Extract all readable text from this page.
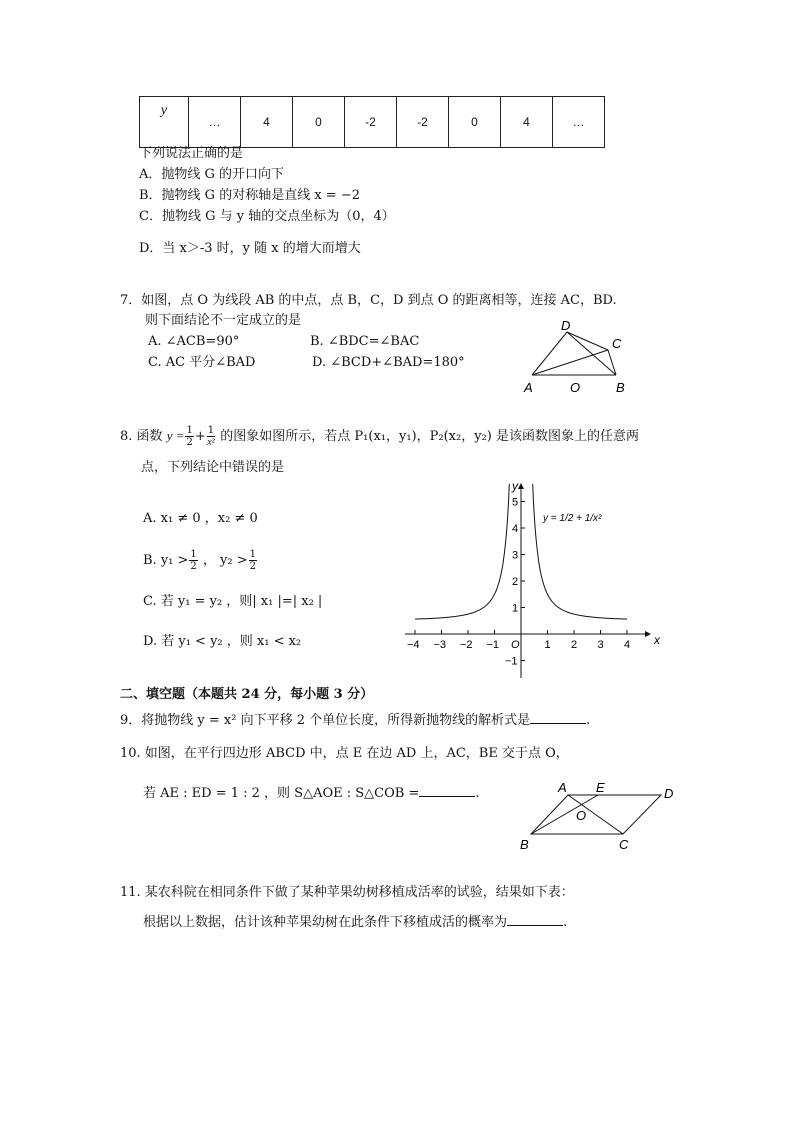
y	…	4	0	-2	-2	0	4	…
下列说法正确的是
A．抛物线 G 的开口向下
B．抛物线 G 的对称轴是直线 x = −2
C．抛物线 G 与 y 轴的交点坐标为（0，4）
D．当 x＞-3 时，y 随 x 的增大而增大
7．如图，点 O 为线段 AB 的中点，点 B，C，D 到点 O 的距离相等，连接 AC，BD.
则下面结论不一定成立的是
A. ∠ACB=90°	B. ∠BDC=∠BAC
C. AC 平分∠BAD	D. ∠BCD+∠BAD=180°
A	O	B
C
D
8. 函数 $y = \frac{1}{2} + \frac{1}{\text{x²}}$ 的图象如图所示，若点 P₁(x₁，y₁)，P₂(x₂，y₂) 是该函数图象上的任意两
点，下列结论中错误的是
A. x₁ ≠ 0 ，x₂ ≠ 0
B. $y_1 > \frac{1}{2}$ ， $y_2 > \frac{1}{2}$
C. 若 y₁ = y₂ ，则| x₁ |=| x₂ |
D. 若 y₁ < y₂ ，则 x₁ < x₂	−4 −3 −2 −1 O 1 2 3 4
5
4
3
2
1
−1
x
y
y = 1/2 + 1/x²
二、填空题（本题共 24 分，每小题 3 分）
9．将抛物线 y = x² 向下平移 2 个单位长度，所得新抛物线的解析式是	.
10. 如图，在平行四边形 ABCD 中，点 E 在边 AD 上，AC，BE 交于点 O，
若 AE : ED = 1 : 2 ，则 S△AOE : S△COB =	.	A E	D
O
B	C
11. 某农科院在相同条件下做了某种苹果幼树移植成活率的试验，结果如下表：
根据以上数据，估计该种苹果幼树在此条件下移植成活的概率为	.
